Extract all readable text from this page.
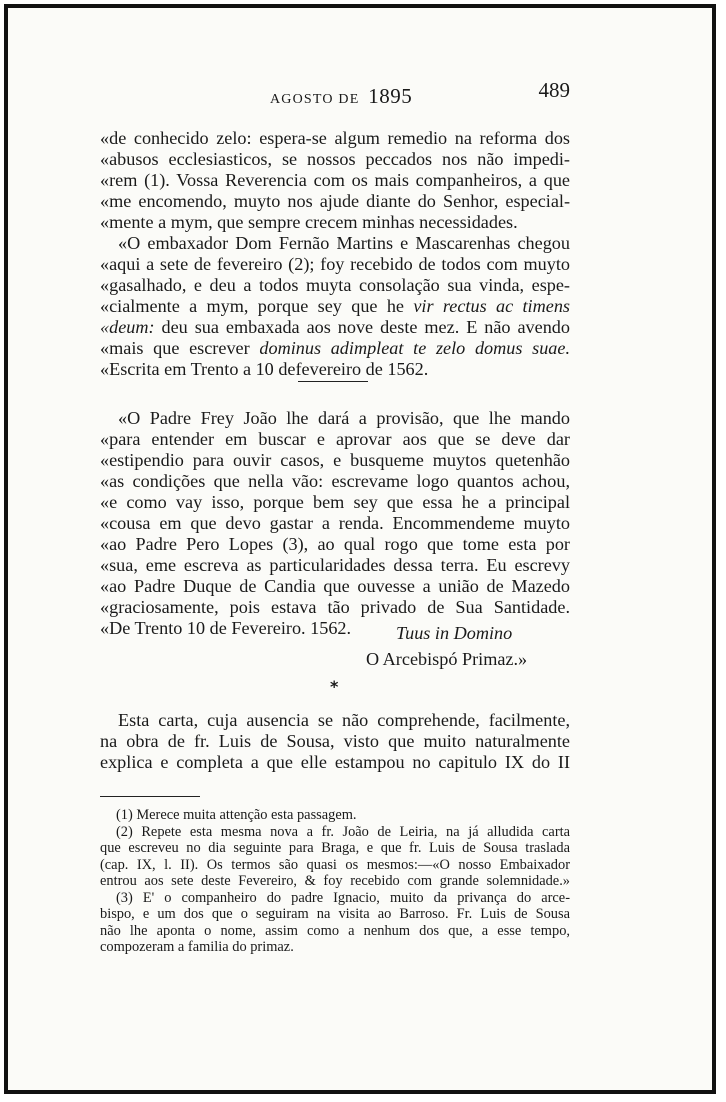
AGOSTO DE 1895	489
«de conhecido zelo: espera-se algum remedio na reforma dos
«abusos ecclesiasticos, se nossos peccados nos não impedi-
«rem (1). Vossa Reverencia com os mais companheiros, a que
«me encomendo, muyto nos ajude diante do Senhor, especial-
«mente a mym, que sempre crecem minhas necessidades.
«O embaxador Dom Fernão Martins e Mascarenhas chegou
«aqui a sete de fevereiro (2); foy recebido de todos com muyto
«gasalhado, e deu a todos muyta consolação sua vinda, espe-
«cialmente a mym, porque sey que he vir rectus ac timens
«deum: deu sua embaxada aos nove deste mez. E não avendo
«mais que escrever dominus adimpleat te zelo domus suae.
«Escrita em Trento a 10 defevereiro de 1562.
«O Padre Frey João lhe dará a provisão, que lhe mando
«para entender em buscar e aprovar aos que se deve dar
«estipendio para ouvir casos, e busqueme muytos quetenhão
«as condições que nella vão: escrevame logo quantos achou,
«e como vay isso, porque bem sey que essa he a principal
«cousa em que devo gastar a renda. Encommendeme muyto
«ao Padre Pero Lopes (3), ao qual rogo que tome esta por
«sua, eme escreva as particularidades dessa terra. Eu escrevy
«ao Padre Duque de Candia que ouvesse a união de Mazedo
«graciosamente, pois estava tão privado de Sua Santidade.
«De Trento 10 de Fevereiro. 1562.	Tuus in Domino
O Arcebispó Primaz.»
*
Esta carta, cuja ausencia se não comprehende, facilmente,
na obra de fr. Luis de Sousa, visto que muito naturalmente
explica e completa a que elle estampou no capitulo IX do II
(1) Merece muita attenção esta passagem.
(2) Repete esta mesma nova a fr. João de Leiria, na já alludida carta
que escreveu no dia seguinte para Braga, e que fr. Luis de Sousa traslada
(cap. IX, l. II). Os termos são quasi os mesmos:—«O nosso Embaixador
entrou aos sete deste Fevereiro, & foy recebido com grande solemnidade.»
(3) E' o companheiro do padre Ignacio, muito da privança do arce-
bispo, e um dos que o seguiram na visita ao Barroso. Fr. Luis de Sousa
não lhe aponta o nome, assim como a nenhum dos que, a esse tempo,
compozeram a familia do primaz.
